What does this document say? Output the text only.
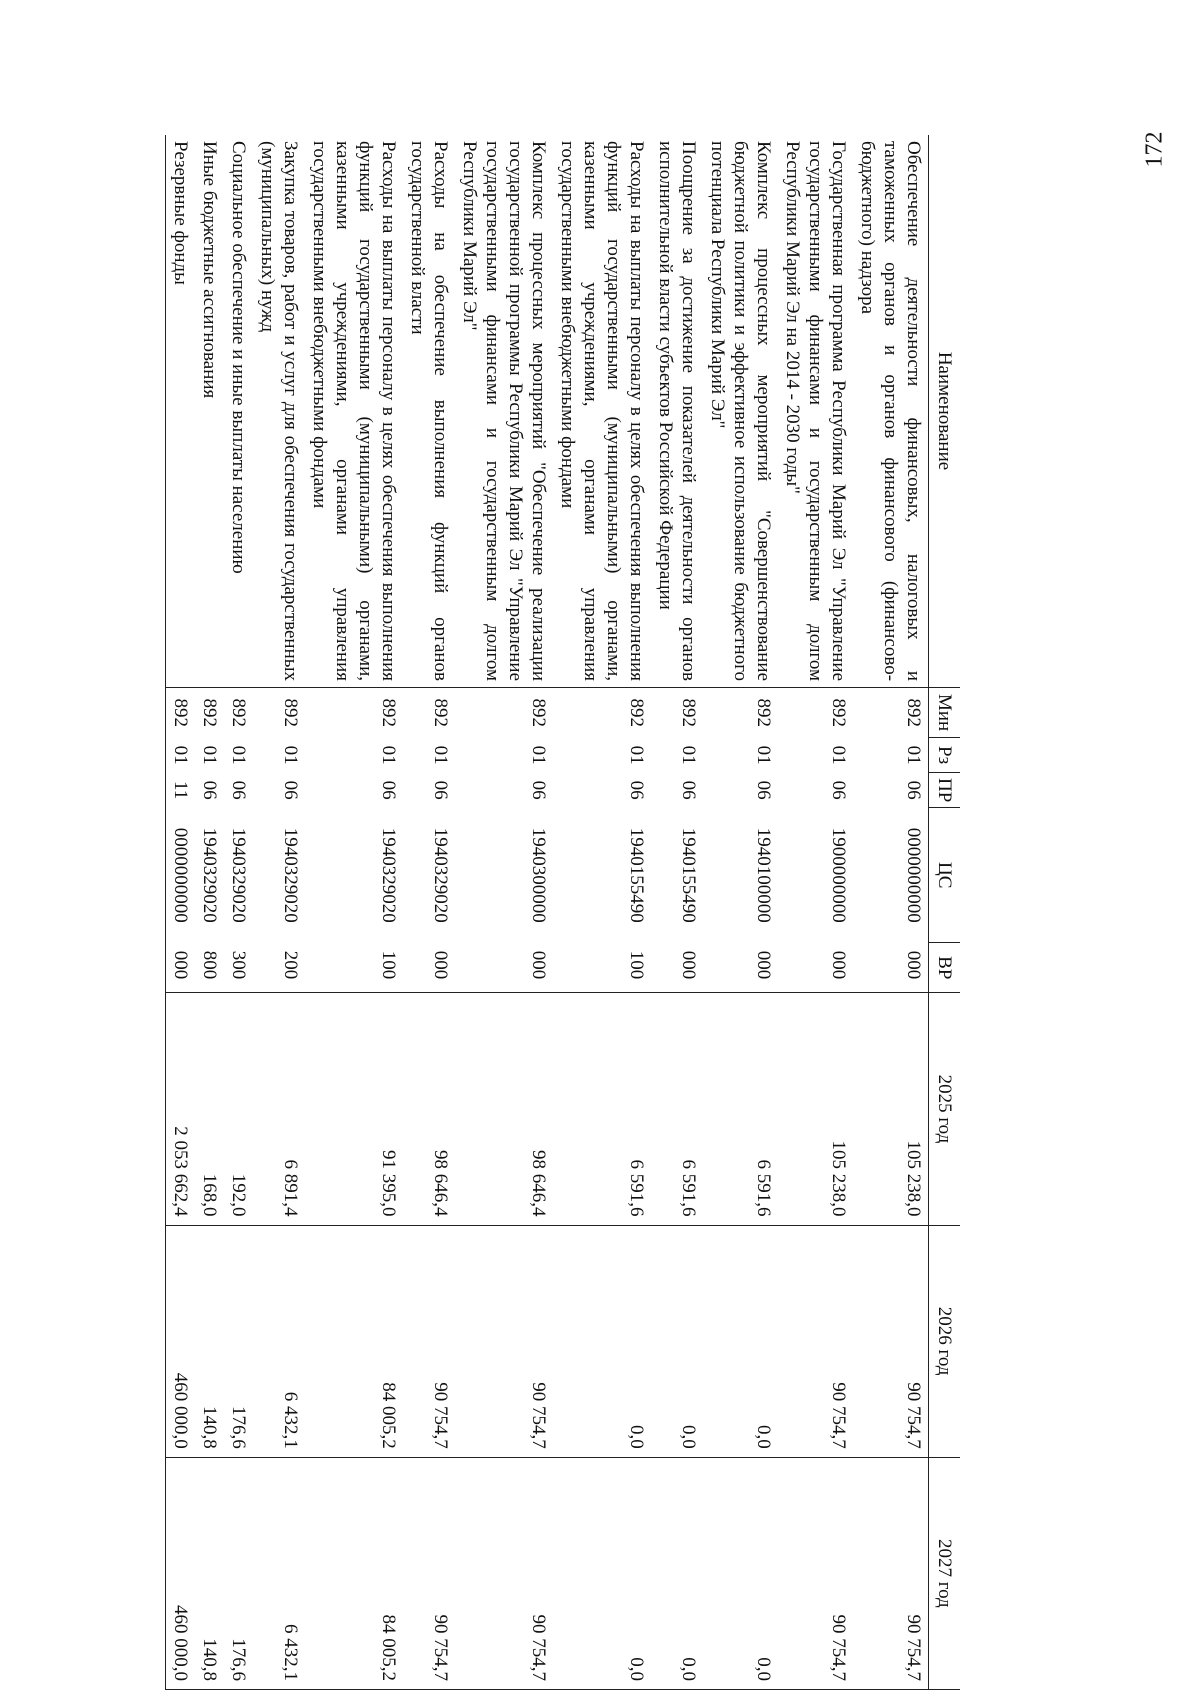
172
Наименование	Мин	Рз	ПР	ЦС	ВР	2025 год	2026 год	2027 год
Обеспечение деятельности финансовых, налоговых и таможенных органов и органов финансового (финансово-бюджетного) надзора	892	01	06	0000000000	000	105 238,0	90 754,7	90 754,7
Государственная программа Республики Марий Эл "Управление государственными финансами и государственным долгом Республики Марий Эл на 2014 - 2030 годы"	892	01	06	1900000000	000	105 238,0	90 754,7	90 754,7
Комплекс процессных мероприятий "Совершенствование бюджетной политики и эффективное использование бюджетного потенциала Республики Марий Эл"	892	01	06	1940100000	000	6 591,6	0,0	0,0
Поощрение за достижение показателей деятельности органов исполнительной власти субъектов Российской Федерации	892	01	06	1940155490	000	6 591,6	0,0	0,0
Расходы на выплаты персоналу в целях обеспечения выполнения функций государственными (муниципальными) органами, казенными учреждениями, органами управления государственными внебюджетными фондами	892	01	06	1940155490	100	6 591,6	0,0	0,0
Комплекс процессных мероприятий "Обеспечение реализации государственной программы Республики Марий Эл "Управление государственными финансами и государственным долгом Республики Марий Эл"	892	01	06	1940300000	000	98 646,4	90 754,7	90 754,7
Расходы на обеспечение выполнения функций органов государственной власти	892	01	06	1940329020	000	98 646,4	90 754,7	90 754,7
Расходы на выплаты персоналу в целях обеспечения выполнения функций государственными (муниципальными) органами, казенными учреждениями, органами управления государственными внебюджетными фондами	892	01	06	1940329020	100	91 395,0	84 005,2	84 005,2
Закупка товаров, работ и услуг для обеспечения государственных (муниципальных) нужд	892	01	06	1940329020	200	6 891,4	6 432,1	6 432,1
Социальное обеспечение и иные выплаты населению	892	01	06	1940329020	300	192,0	176,6	176,6
Иные бюджетные ассигнования	892	01	06	1940329020	800	168,0	140,8	140,8
Резервные фонды	892	01	11	0000000000	000	2 053 662,4	460 000,0	460 000,0
